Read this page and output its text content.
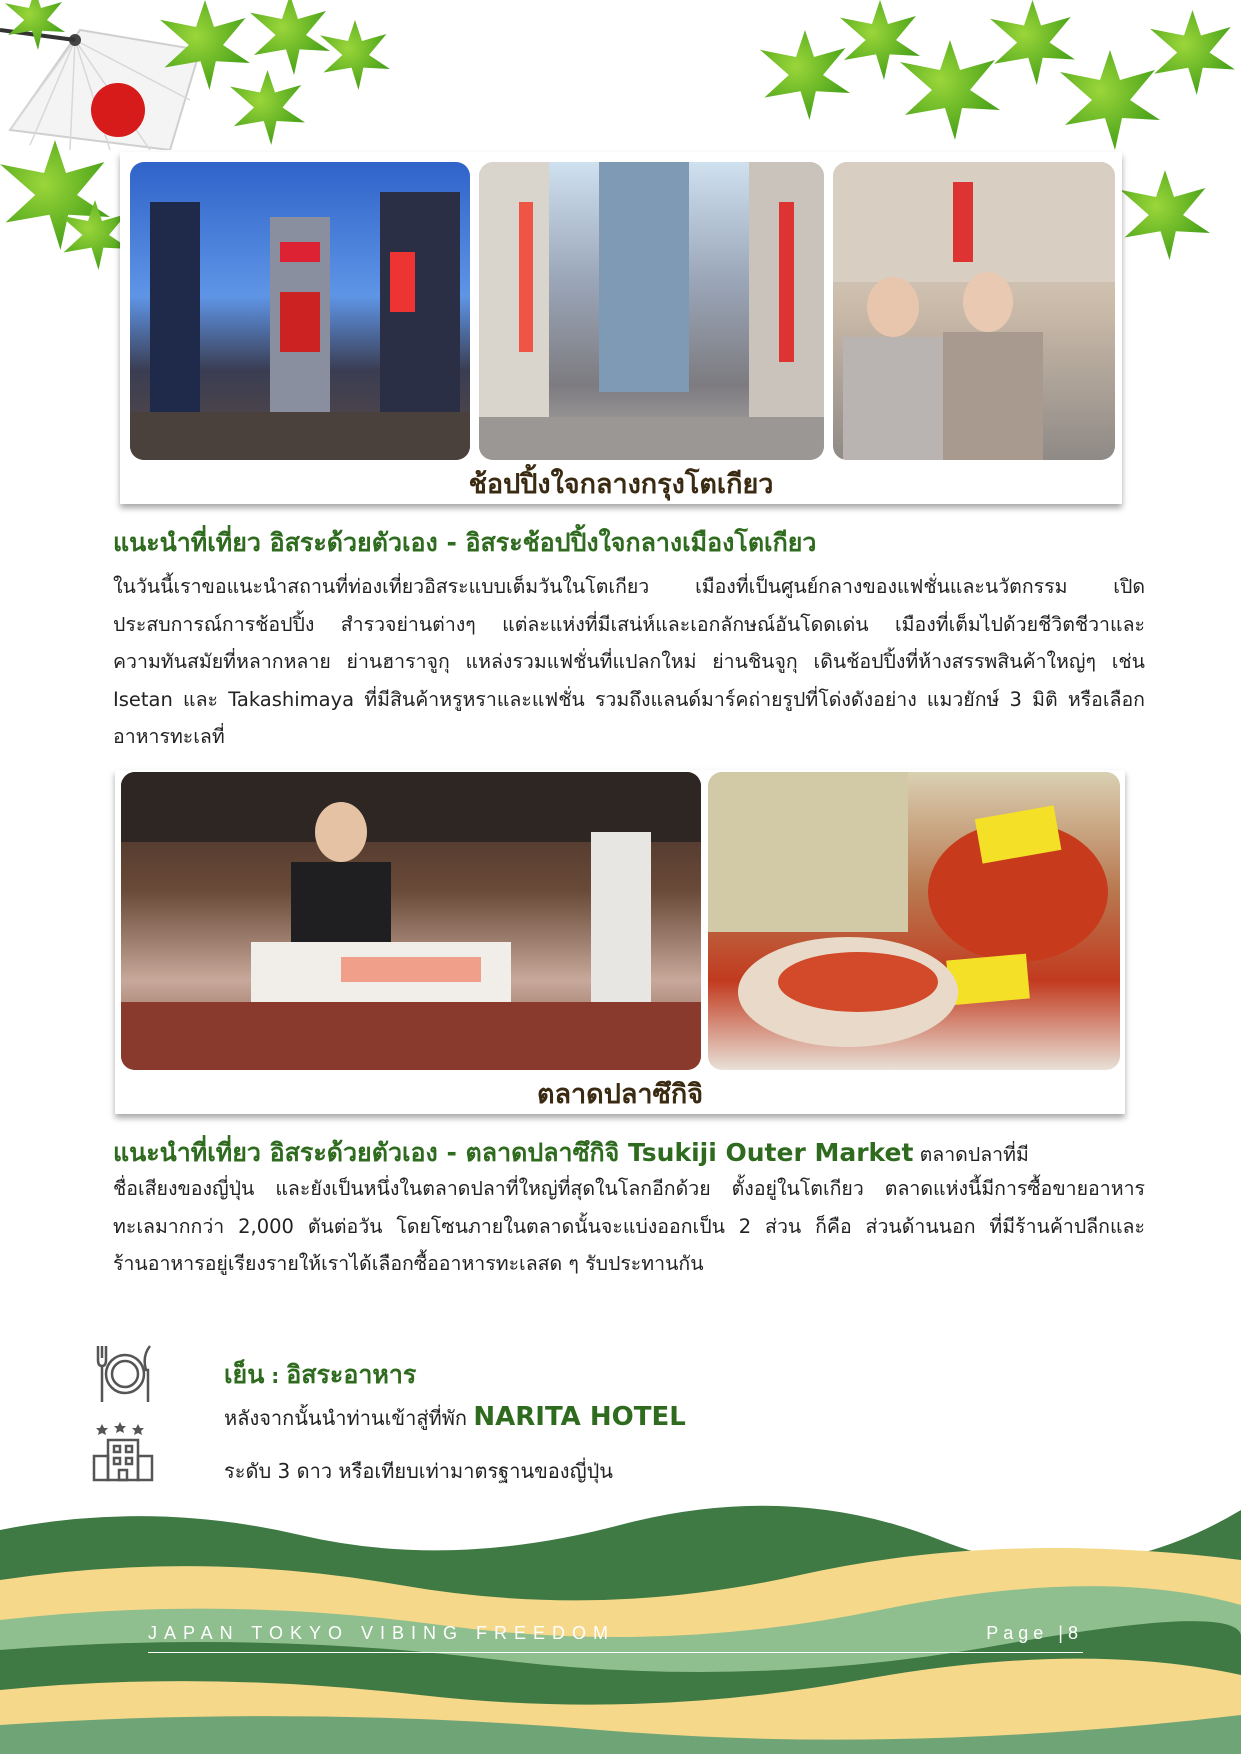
ช้อปปิ้งใจกลางกรุงโตเกียว
แนะนำที่เที่ยว อิสระด้วยตัวเอง - อิสระช้อปปิ้งใจกลางเมืองโตเกียว
ในวันนี้เราขอแนะนำสถานที่ท่องเที่ยวอิสระแบบเต็มวันในโตเกียว เมืองที่เป็นศูนย์กลางของแฟชั่นและนวัตกรรม เปิด
ประสบการณ์การช้อปปิ้ง สำรวจย่านต่างๆ แต่ละแห่งที่มีเสน่ห์และเอกลักษณ์อันโดดเด่น เมืองที่เต็มไปด้วยชีวิตชีวาและ
ความทันสมัยที่หลากหลาย ย่านฮาราจูกุ แหล่งรวมแฟชั่นที่แปลกใหม่ ย่านชินจูกุ เดินช้อปปิ้งที่ห้างสรรพสินค้าใหญ่ๆ เช่น
Isetan และ Takashimaya ที่มีสินค้าหรูหราและแฟชั่น รวมถึงแลนด์มาร์คถ่ายรูปที่โด่งดังอย่าง แมวยักษ์ 3 มิติ หรือเลือก
อาหารทะเลที่
ตลาดปลาซึกิจิ
แนะนำที่เที่ยว อิสระด้วยตัวเอง - ตลาดปลาซึกิจิ Tsukiji Outer Market ตลาดปลาที่มี
ชื่อเสียงของญี่ปุ่น และยังเป็นหนึ่งในตลาดปลาที่ใหญ่ที่สุดในโลกอีกด้วย ตั้งอยู่ในโตเกียว ตลาดแห่งนี้มีการซื้อขายอาหาร
ทะเลมากกว่า 2,000 ตันต่อวัน โดยโซนภายในตลาดนั้นจะแบ่งออกเป็น 2 ส่วน ก็คือ ส่วนด้านนอก ที่มีร้านค้าปลีกและ
ร้านอาหารอยู่เรียงรายให้เราได้เลือกซื้ออาหารทะเลสด ๆ รับประทานกัน
เย็น : อิสระอาหาร
หลังจากนั้นนำท่านเข้าสู่ที่พัก NARITA HOTEL
ระดับ 3 ดาว หรือเทียบเท่ามาตรฐานของญี่ปุ่น
JAPAN TOKYO VIBING FREEDOM	Page |8
